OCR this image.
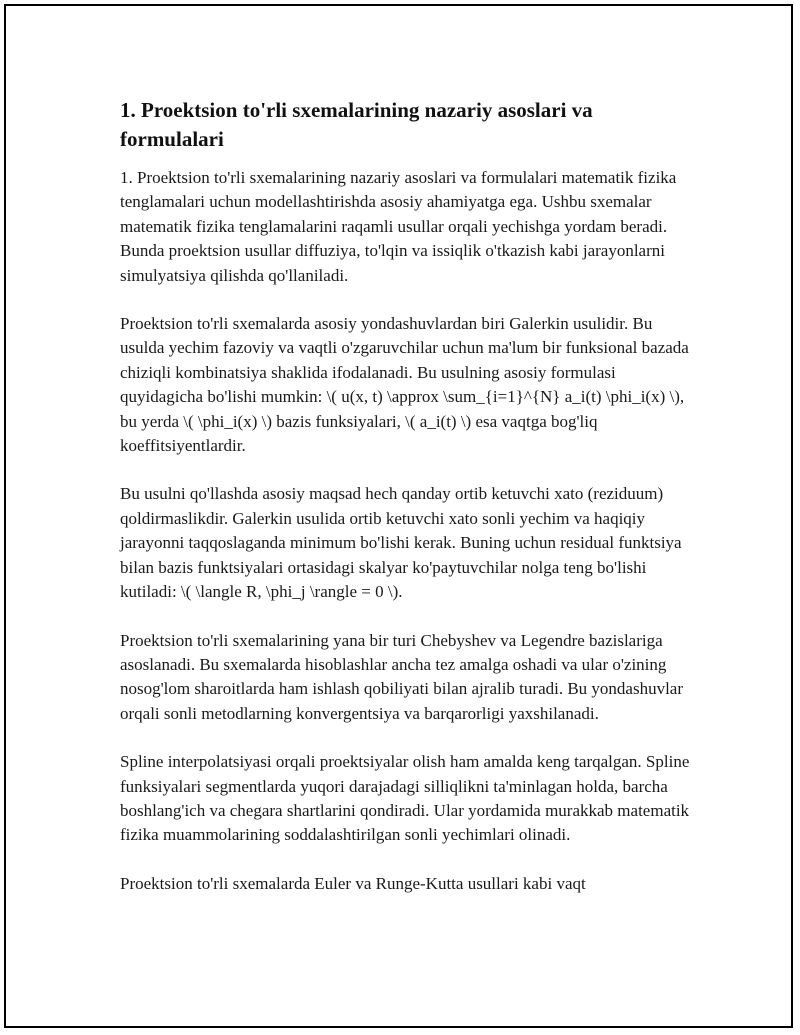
1. Proektsion to'rli sxemalarining nazariy asoslari va formulalari

1. Proektsion to'rli sxemalarining nazariy asoslari va formulalari matematik fizika tenglamalari uchun modellashtirishda asosiy ahamiyatga ega. Ushbu sxemalar matematik fizika tenglamalarini raqamli usullar orqali yechishga yordam beradi. Bunda proektsion usullar diffuziya, to'lqin va issiqlik o'tkazish kabi jarayonlarni simulyatsiya qilishda qo'llaniladi.

Proektsion to'rli sxemalarda asosiy yondashuvlardan biri Galerkin usulidir. Bu usulda yechim fazoviy va vaqtli o'zgaruvchilar uchun ma'lum bir funksional bazada chiziqli kombinatsiya shaklida ifodalanadi. Bu usulning asosiy formulasi quyidagicha bo'lishi mumkin: \( u(x, t) \approx \sum_{i=1}^{N} a_i(t) \phi_i(x) \), bu yerda \( \phi_i(x) \) bazis funksiyalari, \( a_i(t) \) esa vaqtga bog'liq koeffitsiyentlardir.

Bu usulni qo'llashda asosiy maqsad hech qanday ortib ketuvchi xato (reziduum) qoldirmaslikdir. Galerkin usulida ortib ketuvchi xato sonli yechim va haqiqiy jarayonni taqqoslaganda minimum bo'lishi kerak. Buning uchun residual funktsiya bilan bazis funktsiyalari ortasidagi skalyar ko'paytuvchilar nolga teng bo'lishi kutiladi: \( \langle R, \phi_j \rangle = 0 \).

Proektsion to'rli sxemalarining yana bir turi Chebyshev va Legendre bazislariga asoslanadi. Bu sxemalarda hisoblashlar ancha tez amalga oshadi va ular o'zining nosog'lom sharoitlarda ham ishlash qobiliyati bilan ajralib turadi. Bu yondashuvlar orqali sonli metodlarning konvergentsiya va barqarorligi yaxshilanadi.

Spline interpolatsiyasi orqali proektsiyalar olish ham amalda keng tarqalgan. Spline funksiyalari segmentlarda yuqori darajadagi silliqlikni ta'minlagan holda, barcha boshlang'ich va chegara shartlarini qondiradi. Ular yordamida murakkab matematik fizika muammolarining soddalashtirilgan sonli yechimlari olinadi.

Proektsion to'rli sxemalarda Euler va Runge-Kutta usullari kabi vaqt
